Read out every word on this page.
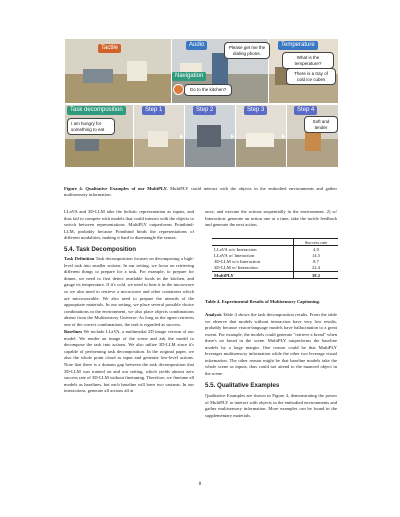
Audio	Temperature
Navigation
Tactile	Please get me the dialing phone.
What is the temperature?
There is a tray of cold ice cubes
Go to the kitchen?
Task decomposition
I am hungry for something to eat
Step 1	Step 2	Step 3	Step 4
Soft and tender
Figure 4. Qualitative Examples of our MultiPLY. MultiPLY could interact with the objects in the embodied environments and gather multisensory information.

LLaVA and 3D-LLM take the holistic representation as inputs, and thus fail to compete with models that could interact with the objects to switch between representations. MultiPLY outperforms Pointbind-LLM, probably because Pointbind binds the representations of different modalities, making it hard to disentangle the senses.

5.4. Task Decomposition

Task Definition Task decomposition focuses on decomposing a high-level task into smaller actions. In our setting, we focus on retrieving different things to prepare for a task. For example, to prepare for dinner, we need to first detect available foods in the kitchen, and gauge its temperature. If it's cold, we need to heat it in the microwave so we also need to retrieve a microwave and other containers which are microwavable. We also need to prepare the utensils of the appropriate materials. In our setting, we place several possible choice combinations in the environment, we also place objects combinations absent from the Multisensory Universe. As long as the agent retrieves one of the correct combinations, the task is regarded as success.

Baselines We include LLaVA, a multimodal 2D image version of our model. We render an image of the scene and ask the model to decompose the task into actions. We also utilize 3D-LLM since it's capable of performing task decomposition. In the original paper, we also the whole point cloud as input and generate low-level actions. Note that there is a domain gap between the task decomposition that 3D-LLM was trained on and our setting, which yields almost zero success rate of 3D-LLM without finetuning. Therefore, we finetune all models as baselines, but each baseline will have two variants. In our interactions, generate all actions all at

once, and execute the actions sequentially in the environment. 2) w/ Interaction: generate an action one at a time, take the tactile feedback and generate the next action.

	Success rate
LLaVA w/o Interaction	4.0
LLaVA w/ Interaction	14.5
3D-LLM w/o Interaction	8.7
3D-LLM w/ Interaction	22.4
MultiPLY	38.2
Table 4. Experimental Results of Multisensory Captioning.

Analysis Table 4 shows the task decomposition results. From the table we observe that models without interaction have very low results, probably because vision-language models have hallucination to a great extent. For example, the models could generate "retrieve a bread" when there's no bread in the scene. MultiPLY outperforms the baseline models by a large margin. One reason could be that MultiPLY leverages multisensory information while the other two leverage visual information. The other reason might be that baseline models take the whole scene as inputs, thus could not attend to the nuanced object in the scene.

5.5. Qualitative Examples

Qualitative Examples are shown in Figure 4, demonstrating the power of MultiPLY to interact with objects in the embodied environments and gather multisensory information. More examples can be found in the supplementary materials.

8
